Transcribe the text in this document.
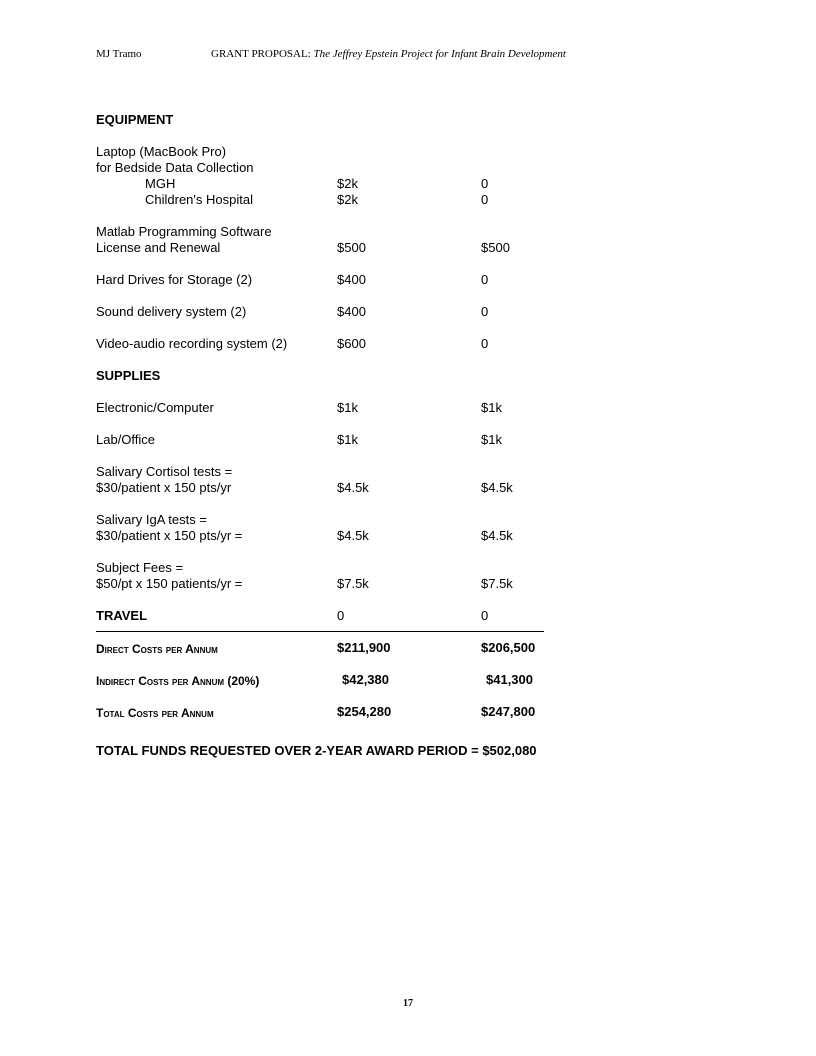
MJ Tramo	GRANT PROPOSAL: The Jeffrey Epstein Project for Infant Brain Development
EQUIPMENT
Laptop (MacBook Pro)
for Bedside Data Collection
MGH	$2k	0
Children's Hospital	$2k	0
Matlab Programming Software
License and Renewal	$500	$500
Hard Drives for Storage (2)	$400	0
Sound delivery system (2)	$400	0
Video-audio recording system (2)	$600	0
SUPPLIES
Electronic/Computer	$1k	$1k
Lab/Office	$1k	$1k
Salivary Cortisol tests =
$30/patient x 150 pts/yr	$4.5k	$4.5k
Salivary IgA tests =
$30/patient x 150 pts/yr =	$4.5k	$4.5k
Subject Fees =
$50/pt x 150 patients/yr =	$7.5k	$7.5k
TRAVEL	0	0
Direct Costs per Annum	$211,900	$206,500
Indirect Costs per Annum (20%)	$42,380	$41,300
Total Costs per Annum	$254,280	$247,800
TOTAL FUNDS REQUESTED OVER 2-YEAR AWARD PERIOD = $502,080
17
